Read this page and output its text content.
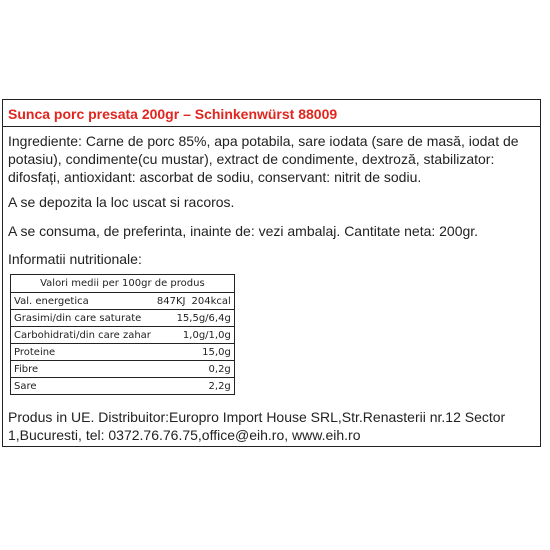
Sunca porc presata 200gr – Schinkenwürst 88009

Ingrediente: Carne de porc 85%, apa potabila, sare iodata (sare de masă, iodat de potasiu), condimente(cu mustar), extract de condimente, dextroză, stabilizator: difosfați, antioxidant: ascorbat de sodiu, conservant: nitrit de sodiu.

A se depozita la loc uscat si racoros.

A se consuma, de preferinta, inainte de: vezi ambalaj. Cantitate neta: 200gr.

Informatii nutritionale:

Valori medii per 100gr de produs	
Val. energetica	847KJ 204kcal
Grasimi/din care saturate	15,5g/6,4g
Carbohidrati/din care zahar	1,0g/1,0g
Proteine	15,0g
Fibre	0,2g
Sare	2,2g

Produs in UE. Distribuitor:Europro Import House SRL,Str.Renasterii nr.12 Sector 1,Bucuresti, tel: 0372.76.76.75,office@eih.ro, www.eih.ro
